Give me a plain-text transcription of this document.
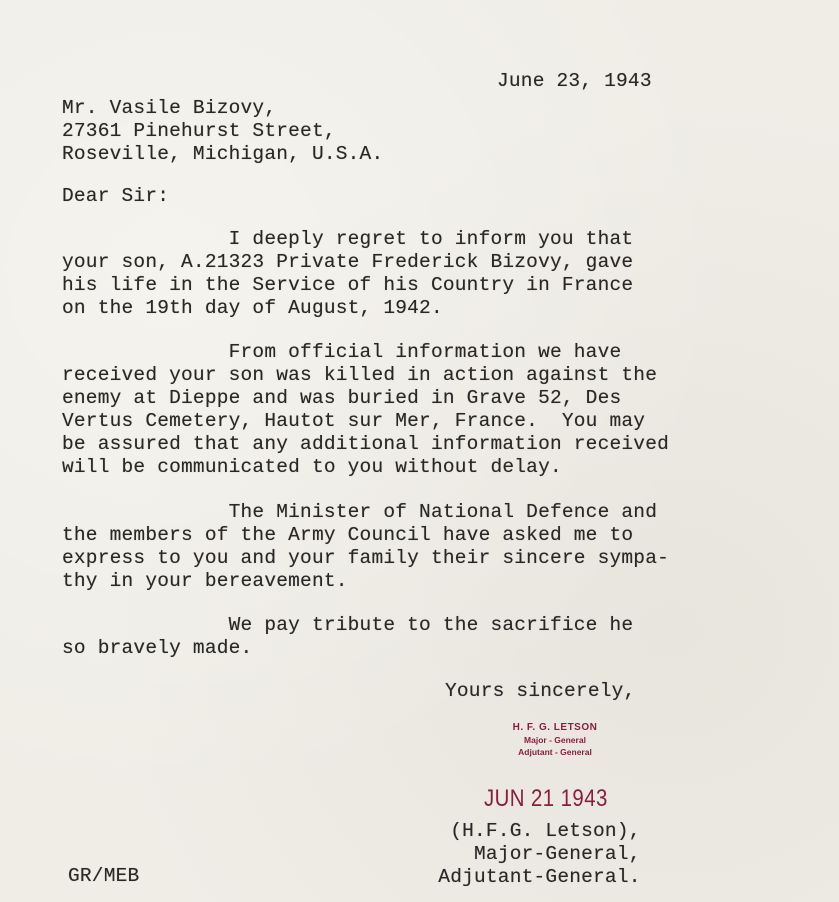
June 23, 1943
Mr. Vasile Bizovy,
27361 Pinehurst Street,
Roseville, Michigan, U.S.A.
Dear Sir:
I deeply regret to inform you that
your son, A.21323 Private Frederick Bizovy, gave
his life in the Service of his Country in France
on the 19th day of August, 1942.
From official information we have
received your son was killed in action against the
enemy at Dieppe and was buried in Grave 52, Des
Vertus Cemetery, Hautot sur Mer, France.  You may
be assured that any additional information received
will be communicated to you without delay.
The Minister of National Defence and
the members of the Army Council have asked me to
express to you and your family their sincere sympa-
thy in your bereavement.
We pay tribute to the sacrifice he
so bravely made.
Yours sincerely,
H. F. G. LETSON
Major - General
Adjutant - General
JUN 21 1943
(H.F.G. Letson),
Major-General,
Adjutant-General.
GR/MEB
